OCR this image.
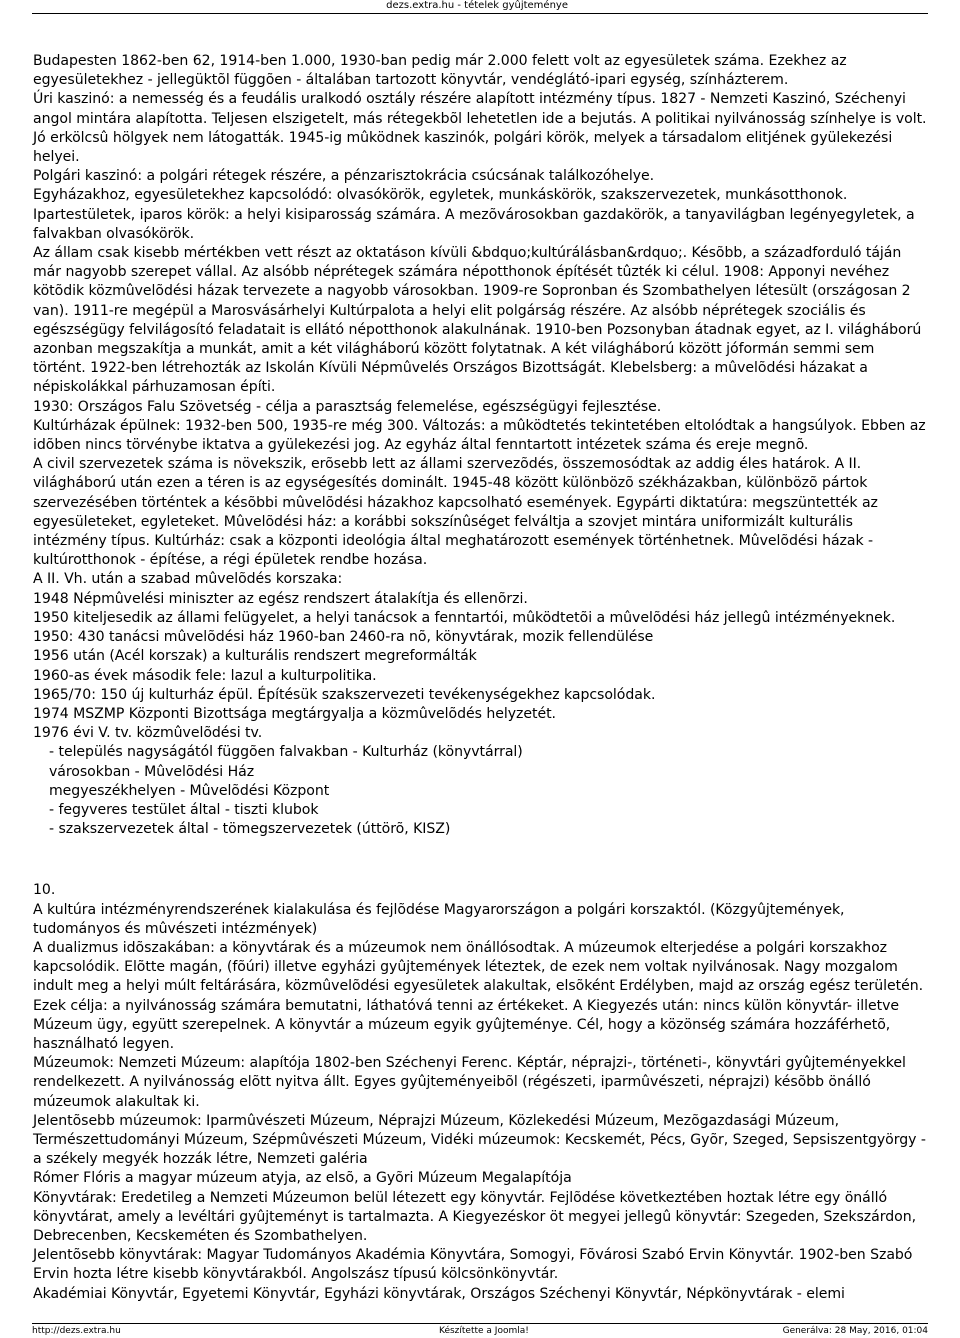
dezs.extra.hu - tételek gyûjteménye

Budapesten 1862-ben 62, 1914-ben 1.000, 1930-ban pedig már 2.000 felett volt az egyesületek száma. Ezekhez az egyesületekhez - jellegüktõl függõen - általában tartozott könyvtár, vendéglátó-ipari egység, színházterem.

Úri kaszinó: a nemesség és a feudális uralkodó osztály részére alapított intézmény típus. 1827 - Nemzeti Kaszinó, Széchenyi angol mintára alapította. Teljesen elszigetelt, más rétegekbõl lehetetlen ide a bejutás. A politikai nyilvánosság színhelye is volt. Jó erkölcsû hölgyek nem látogatták. 1945-ig mûködnek kaszinók, polgári körök, melyek a társadalom elitjének gyülekezési helyei.

Polgári kaszinó: a polgári rétegek részére, a pénzarisztokrácia csúcsának találkozóhelye.

Egyházakhoz, egyesületekhez kapcsolódó: olvasókörök, egyletek, munkáskörök, szakszervezetek, munkásotthonok.

Ipartestületek, iparos körök: a helyi kisiparosság számára. A mezõvárosokban gazdakörök, a tanyavilágban legényegyletek, a falvakban olvasókörök.

Az állam csak kisebb mértékben vett részt az oktatáson kívüli &bdquo;kultúrálásban&rdquo;. Késõbb, a századforduló táján már nagyobb szerepet vállal. Az alsóbb néprétegek számára népotthonok építését tûzték ki célul. 1908: Apponyi nevéhez kötõdik közmûvelõdési házak tervezete a nagyobb városokban. 1909-re Sopronban és Szombathelyen létesült (országosan 2 van). 1911-re megépül a Marosvásárhelyi Kultúrpalota a helyi elit polgárság részére. Az alsóbb néprétegek szociális és egészségügy felvilágosító feladatait is ellátó népotthonok alakulnának. 1910-ben Pozsonyban átadnak egyet, az I. világháború azonban megszakítja a munkát, amit a két világháború között folytatnak. A két világháború között jóformán semmi sem történt. 1922-ben létrehozták az Iskolán Kívüli Népmûvelés Országos Bizottságát. Klebelsberg: a mûvelõdési házakat a népiskolákkal párhuzamosan építi.

1930: Országos Falu Szövetség - célja a parasztság felemelése, egészségügyi fejlesztése.

Kultúrházak épülnek: 1932-ben 500, 1935-re még 300. Változás: a mûködtetés tekintetében eltolódtak a hangsúlyok. Ebben az idõben nincs törvénybe iktatva a gyülekezési jog. Az egyház által fenntartott intézetek száma és ereje megnõ.

A civil szervezetek száma is növekszik, erõsebb lett az állami szervezõdés, összemosódtak az addig éles határok. A II. világháború után ezen a téren is az egységesítés dominált. 1945-48 között különbözõ székházakban, különbözõ pártok szervezésében történtek a késõbbi mûvelõdési házakhoz kapcsolható események. Egypárti diktatúra: megszüntették az egyesületeket, egyleteket. Mûvelõdési ház: a korábbi sokszínûséget felváltja a szovjet mintára uniformizált kulturális intézmény típus. Kultúrház: csak a központi ideológia által meghatározott események történhetnek. Mûvelõdési házak - kultúrotthonok - építése, a régi épületek rendbe hozása.

A II. Vh. után a szabad mûvelõdés korszaka:

1948 Népmûvelési miniszter az egész rendszert átalakítja és ellenõrzi.

1950 kiteljesedik az állami felügyelet, a helyi tanácsok a fenntartói, mûködtetõi a mûvelõdési ház jellegû intézményeknek.

1950: 430 tanácsi mûvelõdési ház 1960-ban 2460-ra nõ, könyvtárak, mozik fellendülése

1956 után (Acél korszak) a kulturális rendszert megreformálták

1960-as évek második fele: lazul a kulturpolitika.

1965/70: 150 új kulturház épül. Építésük szakszervezeti tevékenységekhez kapcsolódak.

1974 MSZMP Központi Bizottsága megtárgyalja a közmûvelõdés helyzetét.

1976 évi V. tv. közmûvelõdési tv.

- település nagyságától függõen falvakban - Kulturház (könyvtárral)

városokban - Mûvelõdési Ház

megyeszékhelyen - Mûvelõdési Központ

- fegyveres testület által - tiszti klubok

- szakszervezetek által - tömegszervezetek (úttörõ, KISZ)

10.

A kultúra intézményrendszerének kialakulása és fejlõdése Magyarországon a polgári korszaktól. (Közgyûjtemények, tudományos és mûvészeti intézmények)

A dualizmus idõszakában: a könyvtárak és a múzeumok nem önállósodtak. A múzeumok elterjedése a polgári korszakhoz kapcsolódik. Elõtte magán, (fõúri) illetve egyházi gyûjtemények léteztek, de ezek nem voltak nyilvánosak. Nagy mozgalom indult meg a helyi múlt feltárására, közmûvelõdési egyesületek alakultak, elsõként Erdélyben, majd az ország egész területén. Ezek célja: a nyilvánosság számára bemutatni, láthatóvá tenni az értékeket. A Kiegyezés után: nincs külön könyvtár- illetve Múzeum ügy, együtt szerepelnek. A könyvtár a múzeum egyik gyûjteménye. Cél, hogy a közönség számára hozzáférhetõ, használható legyen.

Múzeumok: Nemzeti Múzeum: alapítója 1802-ben Széchenyi Ferenc. Képtár, néprajzi-, történeti-, könyvtári gyûjteményekkel rendelkezett. A nyilvánosság elõtt nyitva állt. Egyes gyûjteményeibõl (régészeti, iparmûvészeti, néprajzi) késõbb önálló múzeumok alakultak ki.

Jelentõsebb múzeumok: Iparmûvészeti Múzeum, Néprajzi Múzeum, Közlekedési Múzeum, Mezõgazdasági Múzeum, Természettudományi Múzeum, Szépmûvészeti Múzeum, Vidéki múzeumok: Kecskemét, Pécs, Gyõr, Szeged, Sepsiszentgyörgy - a székely megyék hozzák létre, Nemzeti galéria

Rómer Flóris a magyar múzeum atyja, az elsõ, a Gyõri Múzeum Megalapítója

Könyvtárak: Eredetileg a Nemzeti Múzeumon belül létezett egy könyvtár. Fejlõdése következtében hoztak létre egy önálló könyvtárat, amely a levéltári gyûjteményt is tartalmazta. A Kiegyezéskor öt megyei jellegû könyvtár: Szegeden, Szekszárdon, Debrecenben, Kecskeméten és Szombathelyen.

Jelentõsebb könyvtárak: Magyar Tudományos Akadémia Könyvtára, Somogyi, Fõvárosi Szabó Ervin Könyvtár. 1902-ben Szabó Ervin hozta létre kisebb könyvtárakból. Angolszász típusú kölcsönkönyvtár.

Akadémiai Könyvtár, Egyetemi Könyvtár, Egyházi könyvtárak, Országos Széchenyi Könyvtár, Népkönyvtárak - elemi

http://dezs.extra.hu	Készítette a Joomla!	Generálva: 28 May, 2016, 01:04
